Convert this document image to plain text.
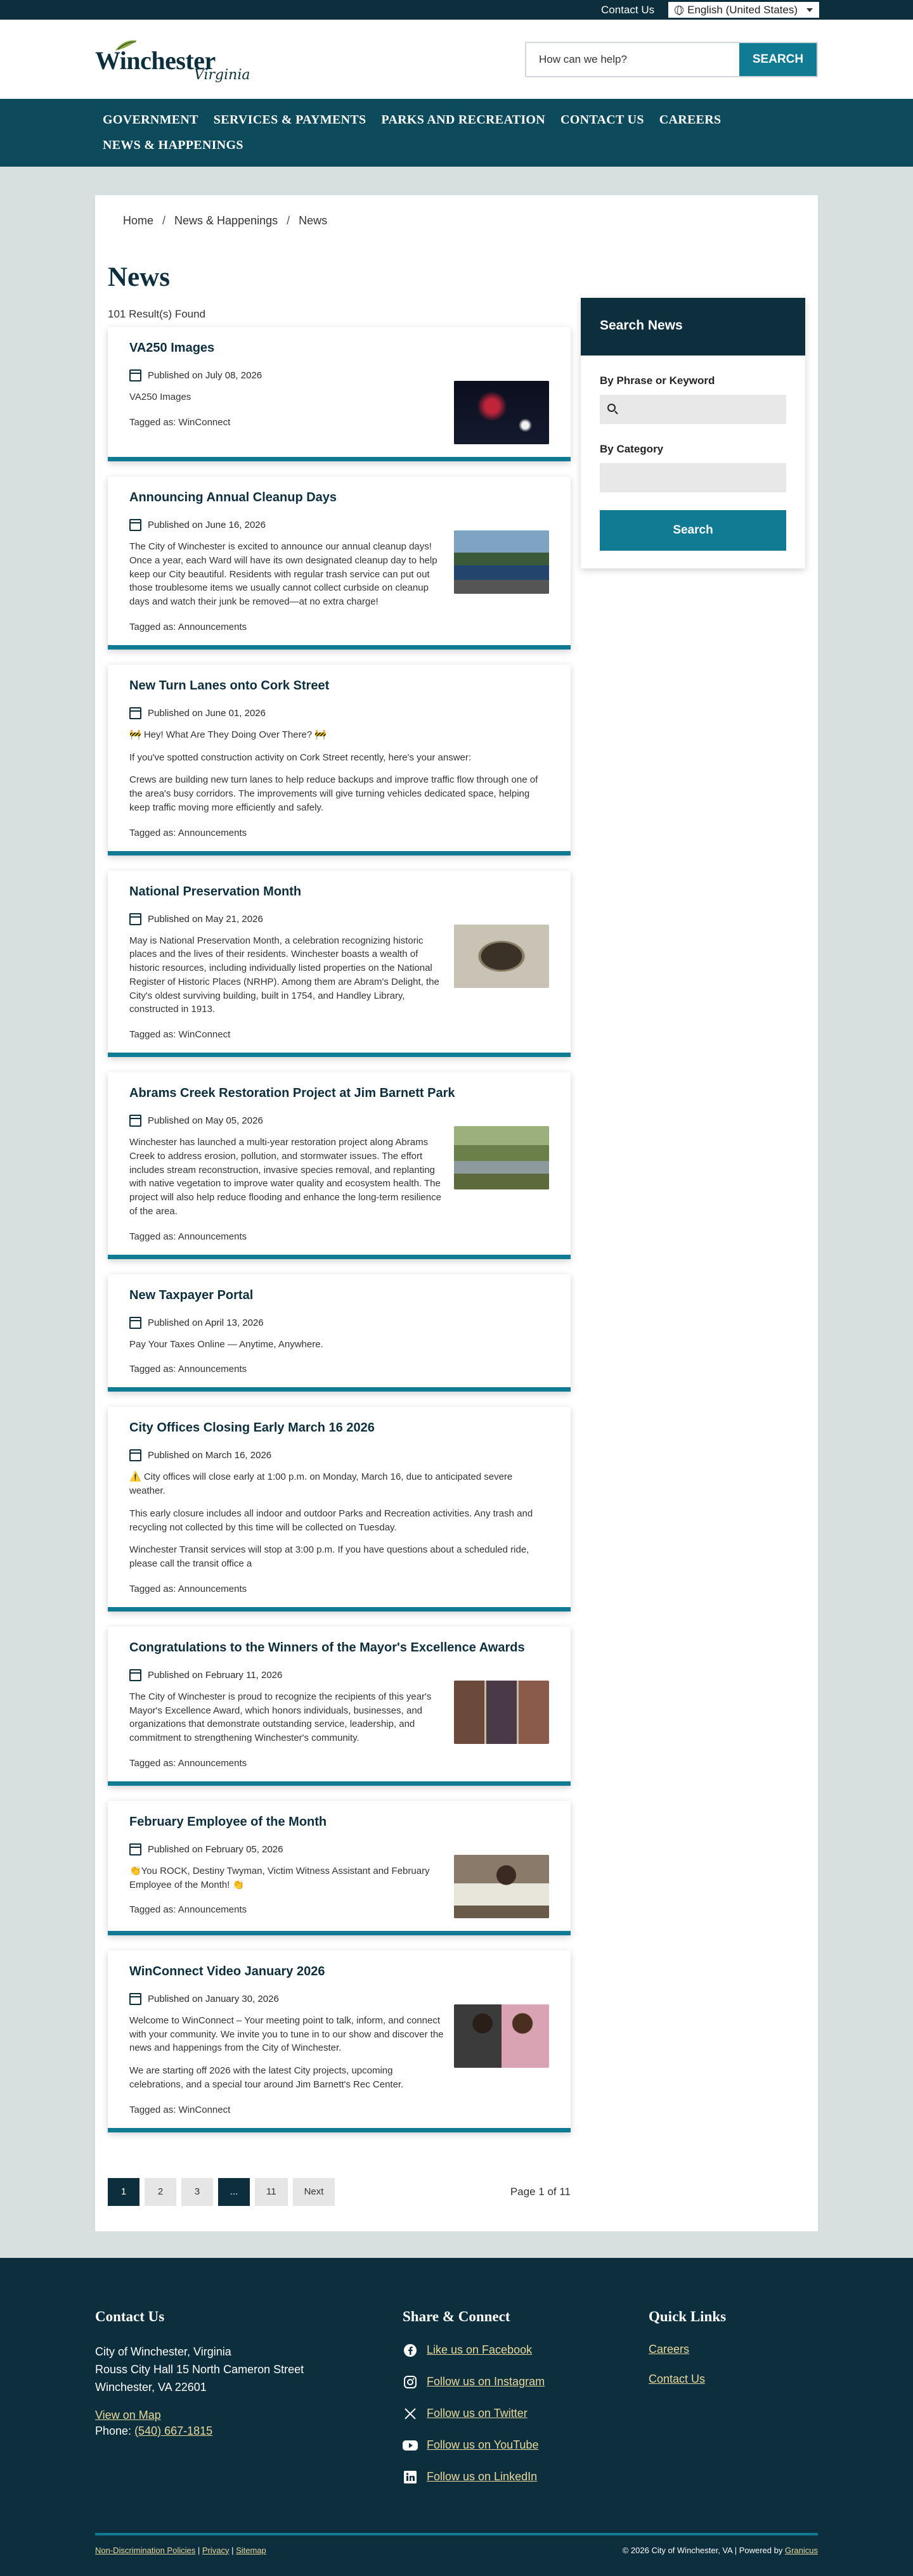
Contact Us	English (United States)
Winchester
Virginia
How can we help?
SEARCH
GOVERNMENT	SERVICES & PAYMENTS	PARKS AND RECREATION	CONTACT US	CAREERS
NEWS & HAPPENINGS
Home / News & Happenings / News
News
101 Result(s) Found
VA250 Images
Published on July 08, 2026

VA250 Images

Tagged as: WinConnect
Announcing Annual Cleanup Days
Published on June 16, 2026

The City of Winchester is excited to announce our annual cleanup days! Once a year, each Ward will have its own designated cleanup day to help keep our City beautiful. Residents with regular trash service can put out those troublesome items we usually cannot collect curbside on cleanup days and watch their junk be removed—at no extra charge!

Tagged as: Announcements
New Turn Lanes onto Cork Street
Published on June 01, 2026

🚧 Hey! What Are They Doing Over There? 🚧

If you've spotted construction activity on Cork Street recently, here's your answer:

Crews are building new turn lanes to help reduce backups and improve traffic flow through one of the area's busy corridors. The improvements will give turning vehicles dedicated space, helping keep traffic moving more efficiently and safely.

Tagged as: Announcements
National Preservation Month
Published on May 21, 2026

May is National Preservation Month, a celebration recognizing historic places and the lives of their residents. Winchester boasts a wealth of historic resources, including individually listed properties on the National Register of Historic Places (NRHP). Among them are Abram's Delight, the City's oldest surviving building, built in 1754, and Handley Library, constructed in 1913.

Tagged as: WinConnect
Abrams Creek Restoration Project at Jim Barnett Park
Published on May 05, 2026

Winchester has launched a multi-year restoration project along Abrams Creek to address erosion, pollution, and stormwater issues. The effort includes stream reconstruction, invasive species removal, and replanting with native vegetation to improve water quality and ecosystem health. The project will also help reduce flooding and enhance the long-term resilience of the area.

Tagged as: Announcements
New Taxpayer Portal
Published on April 13, 2026

Pay Your Taxes Online — Anytime, Anywhere.

Tagged as: Announcements
City Offices Closing Early March 16 2026
Published on March 16, 2026

⚠️ City offices will close early at 1:00 p.m. on Monday, March 16, due to anticipated severe weather.

This early closure includes all indoor and outdoor Parks and Recreation activities. Any trash and recycling not collected by this time will be collected on Tuesday.

Winchester Transit services will stop at 3:00 p.m. If you have questions about a scheduled ride, please call the transit office a

Tagged as: Announcements
Congratulations to the Winners of the Mayor's Excellence Awards
Published on February 11, 2026

The City of Winchester is proud to recognize the recipients of this year's Mayor's Excellence Award, which honors individuals, businesses, and organizations that demonstrate outstanding service, leadership, and commitment to strengthening Winchester's community.

Tagged as: Announcements
February Employee of the Month
Published on February 05, 2026

👏You ROCK, Destiny Twyman, Victim Witness Assistant and February Employee of the Month! 👏

Tagged as: Announcements
WinConnect Video January 2026
Published on January 30, 2026

Welcome to WinConnect – Your meeting point to talk, inform, and connect with your community. We invite you to tune in to our show and discover the news and happenings from the City of Winchester.

We are starting off 2026 with the latest City projects, upcoming celebrations, and a special tour around Jim Barnett's Rec Center.

Tagged as: WinConnect
Search News
By Phrase or Keyword
By Category
Search
1	2	3	...	11	Next	Page 1 of 11
Contact Us
City of Winchester, Virginia
Rouss City Hall 15 North Cameron Street
Winchester, VA 22601
View on Map
Phone: (540) 667-1815
Share & Connect
Like us on Facebook
Follow us on Instagram
Follow us on Twitter
Follow us on YouTube
Follow us on LinkedIn
Quick Links
Careers
Contact Us
Non-Discrimination Policies | Privacy | Sitemap	© 2026 City of Winchester, VA | Powered by Granicus
